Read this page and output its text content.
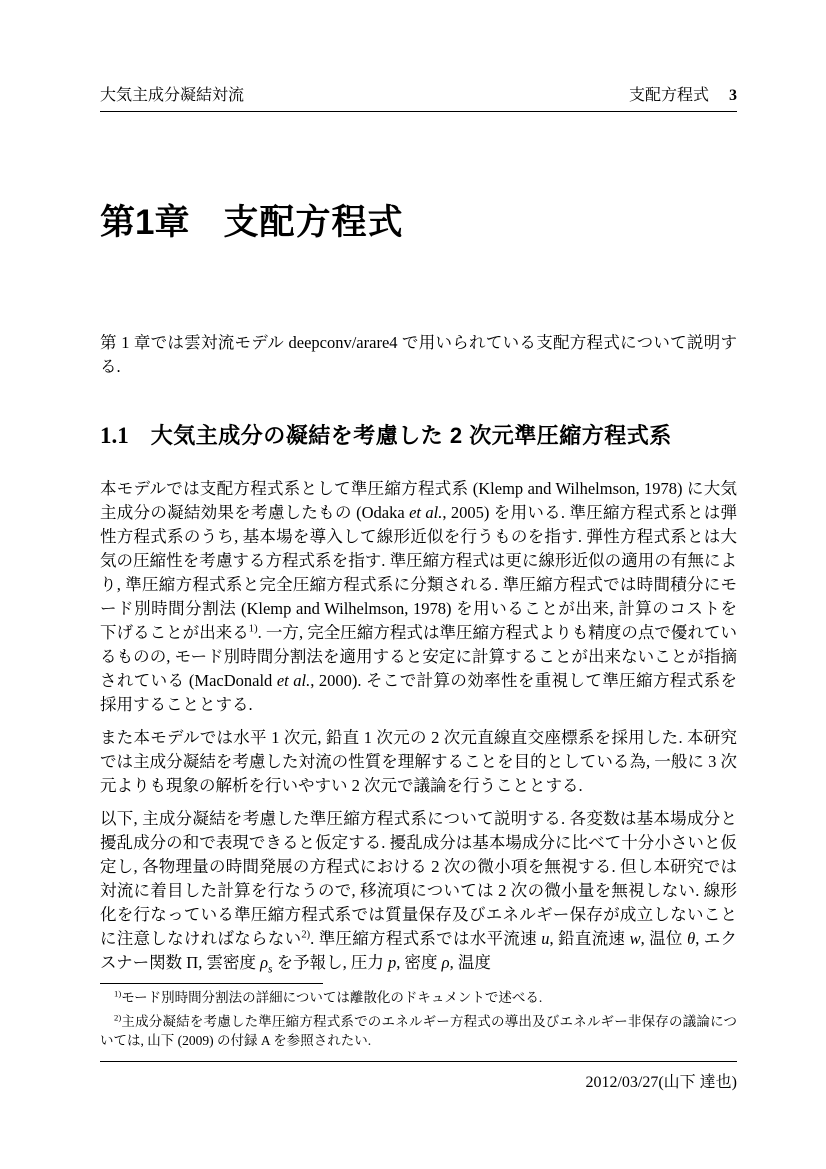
大気主成分凝結対流	支配方程式 3
第1章 支配方程式

第 1 章では雲対流モデル deepconv/arare4 で用いられている支配方程式について説明する.

1.1 大気主成分の凝結を考慮した 2 次元準圧縮方程式系

本モデルでは支配方程式系として準圧縮方程式系 (Klemp and Wilhelmson, 1978) に大気主成分の凝結効果を考慮したもの (Odaka et al., 2005) を用いる. 準圧縮方程式系とは弾性方程式系のうち, 基本場を導入して線形近似を行うものを指す. 弾性方程式系とは大気の圧縮性を考慮する方程式系を指す. 準圧縮方程式は更に線形近似の適用の有無により, 準圧縮方程式系と完全圧縮方程式系に分類される. 準圧縮方程式では時間積分にモード別時間分割法 (Klemp and Wilhelmson, 1978) を用いることが出来, 計算のコストを下げることが出来る$^{1)}$. 一方, 完全圧縮方程式は準圧縮方程式よりも精度の点で優れているものの, モード別時間分割法を適用すると安定に計算することが出来ないことが指摘されている (MacDonald et al., 2000). そこで計算の効率性を重視して準圧縮方程式系を採用することとする.

また本モデルでは水平 1 次元, 鉛直 1 次元の 2 次元直線直交座標系を採用した. 本研究では主成分凝結を考慮した対流の性質を理解することを目的としている為, 一般に 3 次元よりも現象の解析を行いやすい 2 次元で議論を行うこととする.

以下, 主成分凝結を考慮した準圧縮方程式系について説明する. 各変数は基本場成分と擾乱成分の和で表現できると仮定する. 擾乱成分は基本場成分に比べて十分小さいと仮定し, 各物理量の時間発展の方程式における 2 次の微小項を無視する. 但し本研究では対流に着目した計算を行なうので, 移流項については 2 次の微小量を無視しない. 線形化を行なっている準圧縮方程式系では質量保存及びエネルギー保存が成立しないことに注意しなければならない$^{2)}$. 準圧縮方程式系では水平流速 u, 鉛直流速 w, 温位 θ, エクスナー関数 Π, 雲密度 $\rho_s$ を予報し, 圧力 p, 密度 ρ, 温度

$^{1)}$モード別時間分割法の詳細については離散化のドキュメントで述べる.

$^{2)}$主成分凝結を考慮した準圧縮方程式系でのエネルギー方程式の導出及びエネルギー非保存の議論については, 山下 (2009) の付録 A を参照されたい.

2012/03/27(山下 達也)
